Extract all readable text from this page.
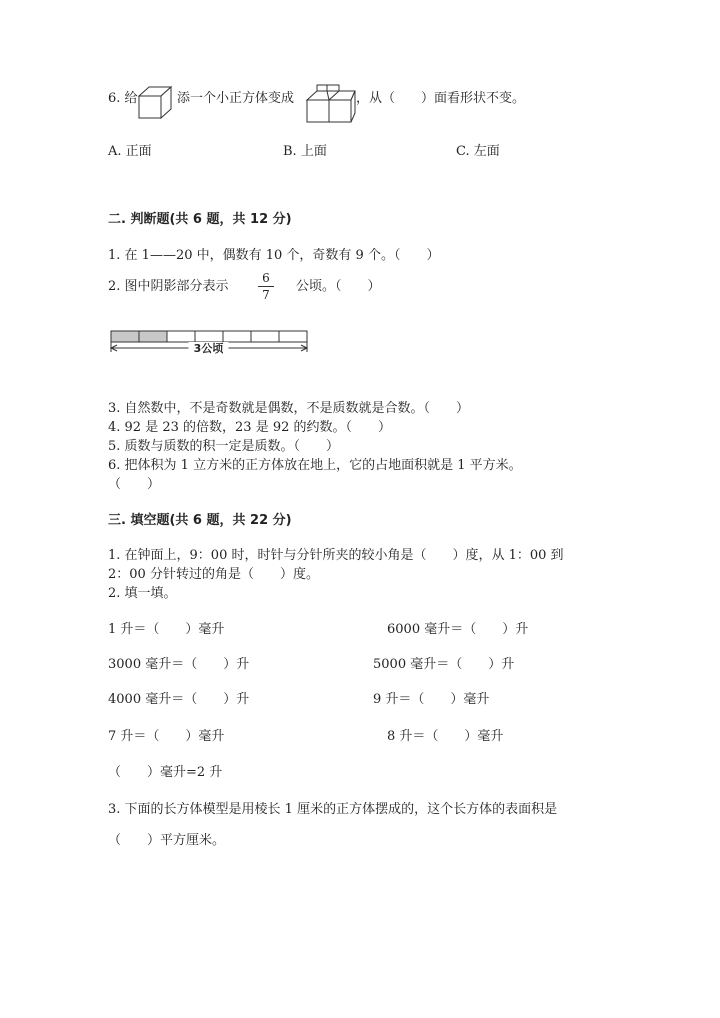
6. 给	添一个小正方体变成	，从（　　）面看形状不变。
A. 正面	B. 上面	C. 左面
二. 判断题(共 6 题，共 12 分)
1. 在 1——20 中，偶数有 10 个，奇数有 9 个。（　　）
2. 图中阴影部分表示
6
7
公顷。（　　）
3公顷
3. 自然数中，不是奇数就是偶数，不是质数就是合数。（　　）
4. 92 是 23 的倍数，23 是 92 的约数。（　　）
5. 质数与质数的积一定是质数。（　　）
6. 把体积为 1 立方米的正方体放在地上，它的占地面积就是 1 平方米。
（　　）
三. 填空题(共 6 题，共 22 分)
1. 在钟面上，9：00 时，时针与分针所夹的较小角是（　　）度，从 1：00 到
2：00 分针转过的角是（　　）度。
2. 填一填。
1 升＝（　　）毫升	6000 毫升＝（　　）升
3000 毫升＝（　　）升	5000 毫升＝（　　）升
4000 毫升＝（　　）升	9 升＝（　　）毫升
7 升＝（　　）毫升	8 升＝（　　）毫升
（　　）毫升=2 升
3. 下面的长方体模型是用棱长 1 厘米的正方体摆成的，这个长方体的表面积是
（　　）平方厘米。
